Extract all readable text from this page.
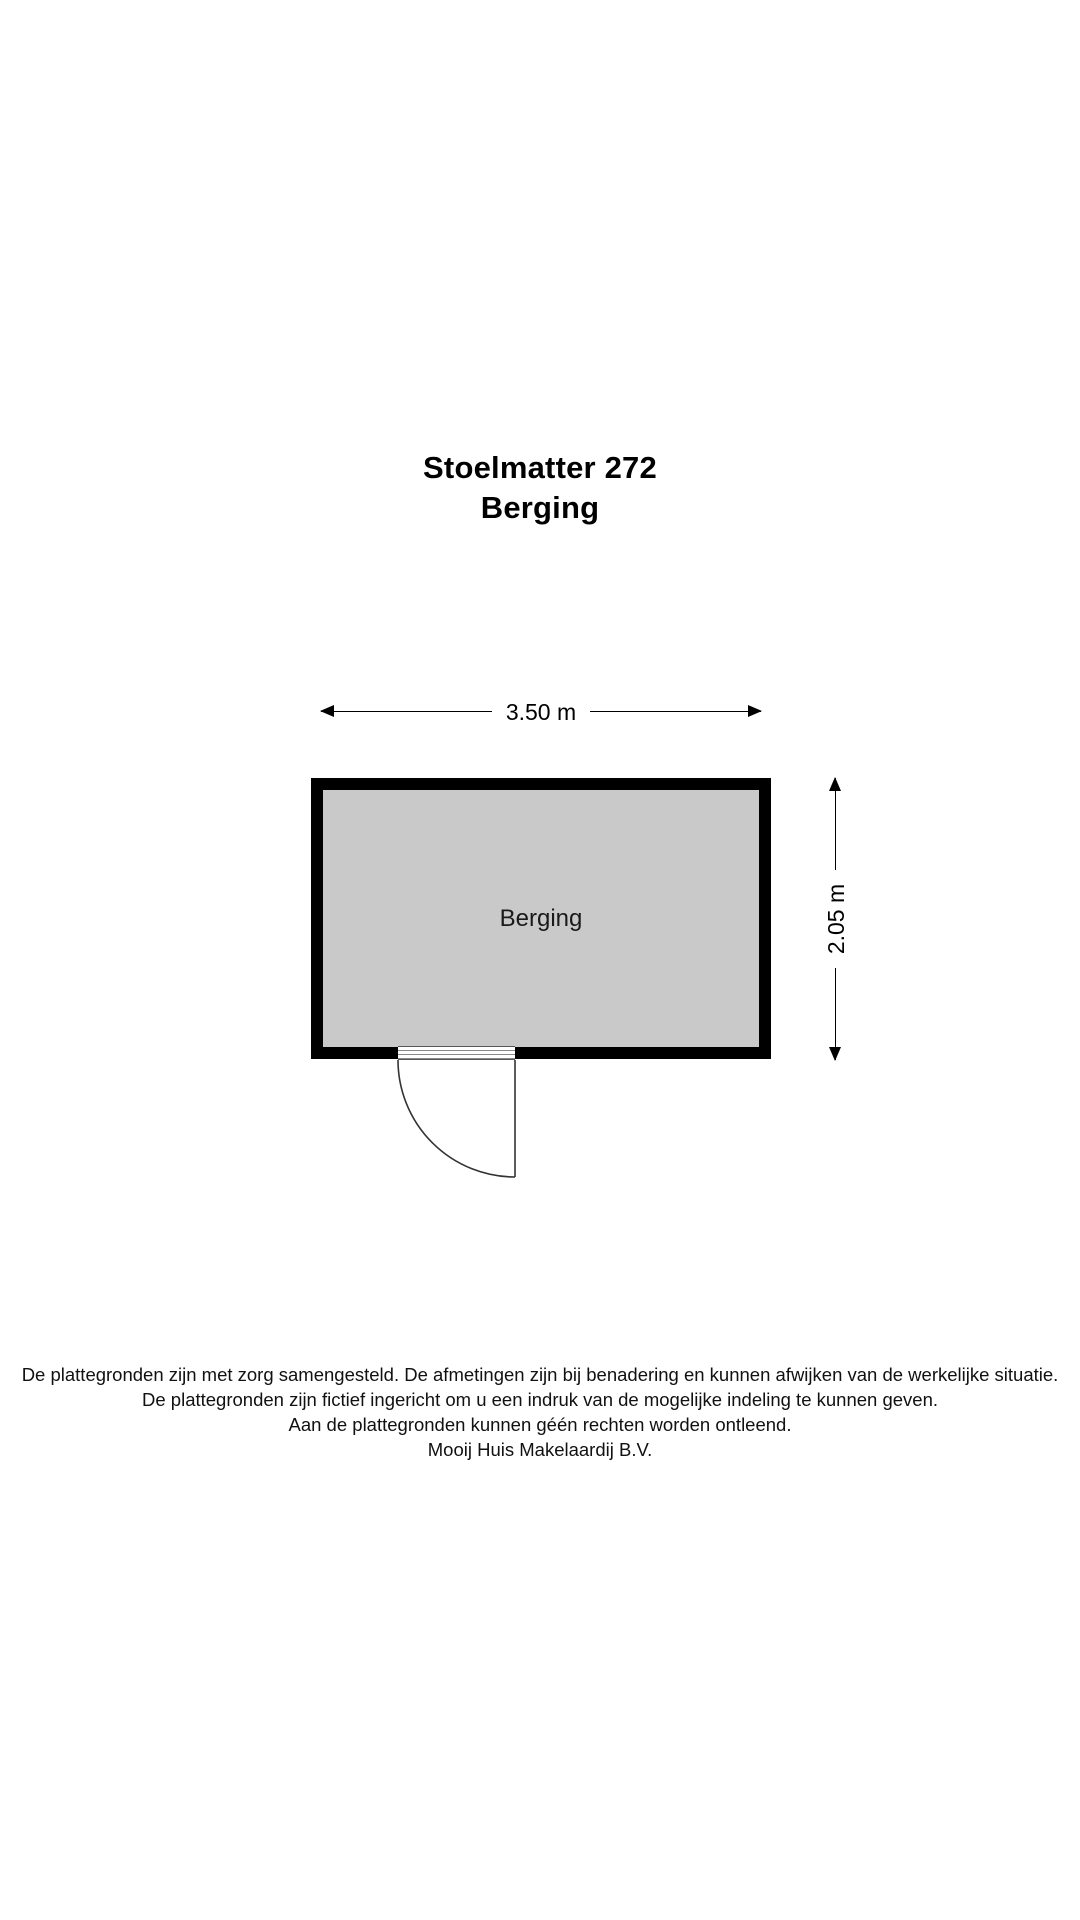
Stoelmatter 272
Berging
3.50 m
2.05 m
Berging
De plattegronden zijn met zorg samengesteld. De afmetingen zijn bij benadering en kunnen afwijken van de werkelijke situatie.
De plattegronden zijn fictief ingericht om u een indruk van de mogelijke indeling te kunnen geven.
Aan de plattegronden kunnen géén rechten worden ontleend.
Mooij Huis Makelaardij B.V.
